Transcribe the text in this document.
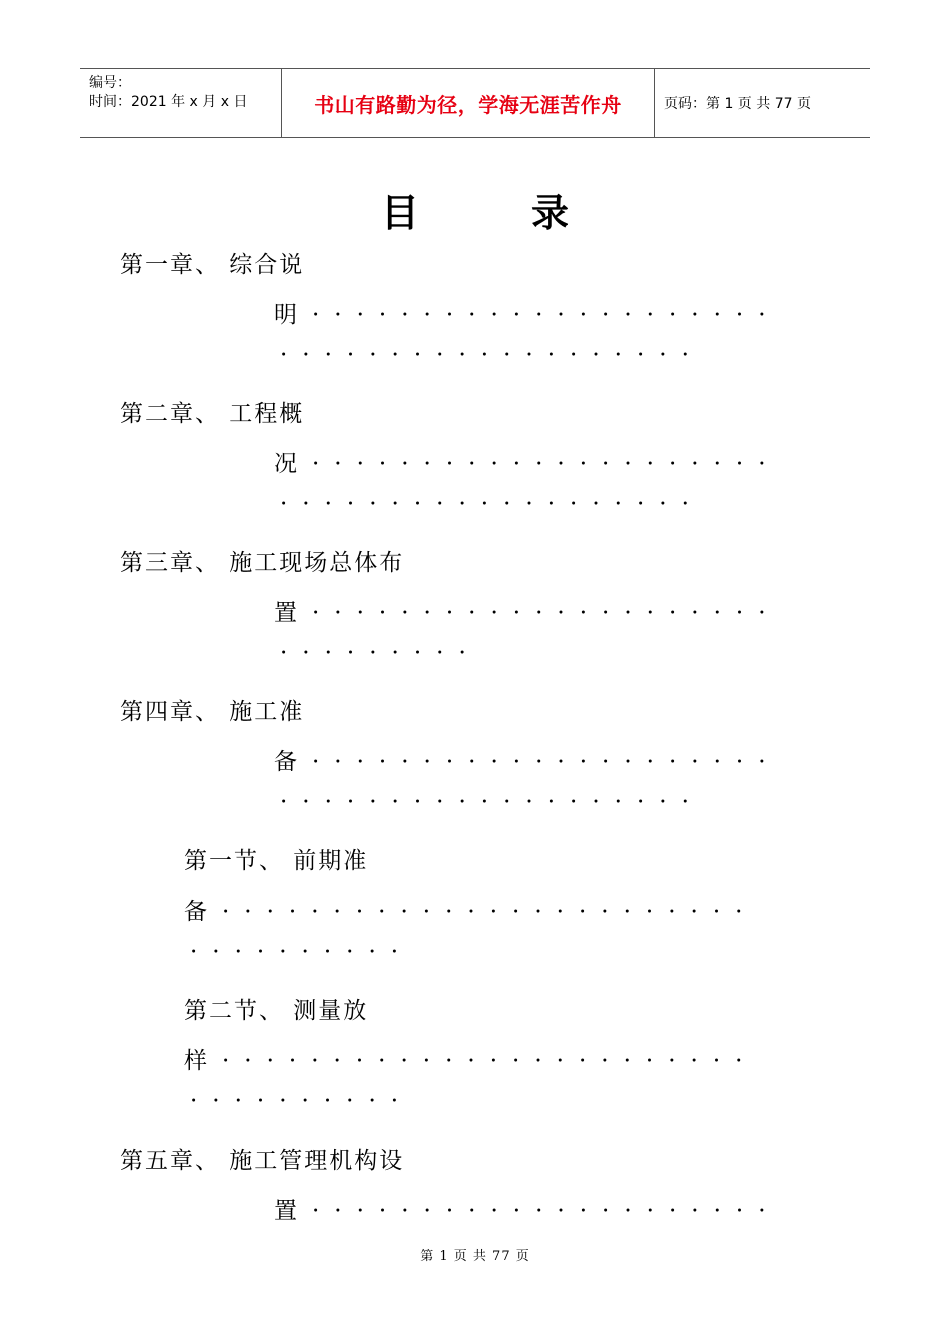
编号：
时间：2021 年 x 月 x 日	书山有路勤为径，学海无涯苦作舟	页码：第 1 页 共 77 页
目录
第一章、 综合说
明·····················
···················
第二章、 工程概
况·····················
···················
第三章、 施工现场总体布
置·····················
·········
第四章、 施工准
备·····················
···················
第一节、 前期准
备························
··········
第二节、 测量放
样························
··········
第五章、 施工管理机构设
置·····················
第 1 页 共 77 页
